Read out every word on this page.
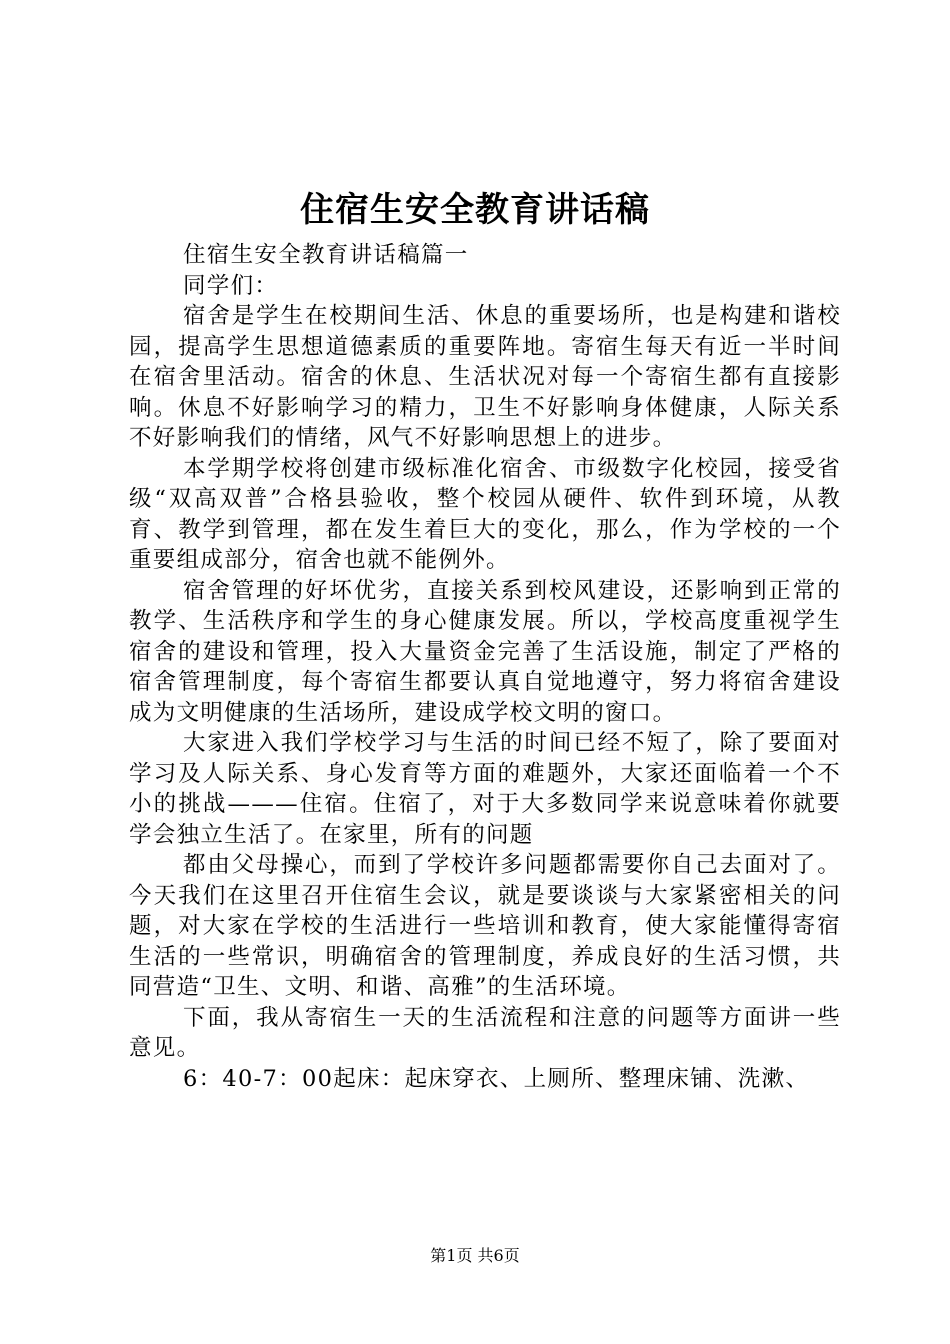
住宿生安全教育讲话稿

住宿生安全教育讲话稿篇一

同学们：

宿舍是学生在校期间生活、休息的重要场所，也是构建和谐校园，提高学生思想道德素质的重要阵地。寄宿生每天有近一半时间在宿舍里活动。宿舍的休息、生活状况对每一个寄宿生都有直接影响。休息不好影响学习的精力，卫生不好影响身体健康，人际关系不好影响我们的情绪，风气不好影响思想上的进步。

本学期学校将创建市级标准化宿舍、市级数字化校园，接受省级“双高双普”合格县验收，整个校园从硬件、软件到环境，从教育、教学到管理，都在发生着巨大的变化，那么，作为学校的一个重要组成部分，宿舍也就不能例外。

宿舍管理的好坏优劣，直接关系到校风建设，还影响到正常的教学、生活秩序和学生的身心健康发展。所以，学校高度重视学生宿舍的建设和管理，投入大量资金完善了生活设施，制定了严格的宿舍管理制度，每个寄宿生都要认真自觉地遵守，努力将宿舍建设成为文明健康的生活场所，建设成学校文明的窗口。

大家进入我们学校学习与生活的时间已经不短了，除了要面对学习及人际关系、身心发育等方面的难题外，大家还面临着一个不小的挑战———住宿。住宿了，对于大多数同学来说意味着你就要学会独立生活了。在家里，所有的问题

都由父母操心，而到了学校许多问题都需要你自己去面对了。今天我们在这里召开住宿生会议，就是要谈谈与大家紧密相关的问题，对大家在学校的生活进行一些培训和教育，使大家能懂得寄宿生活的一些常识，明确宿舍的管理制度，养成良好的生活习惯，共同营造“卫生、文明、和谐、高雅”的生活环境。

下面，我从寄宿生一天的生活流程和注意的问题等方面讲一些意见。

6：40-7：00起床：起床穿衣、上厕所、整理床铺、洗漱、

第1页 共6页
